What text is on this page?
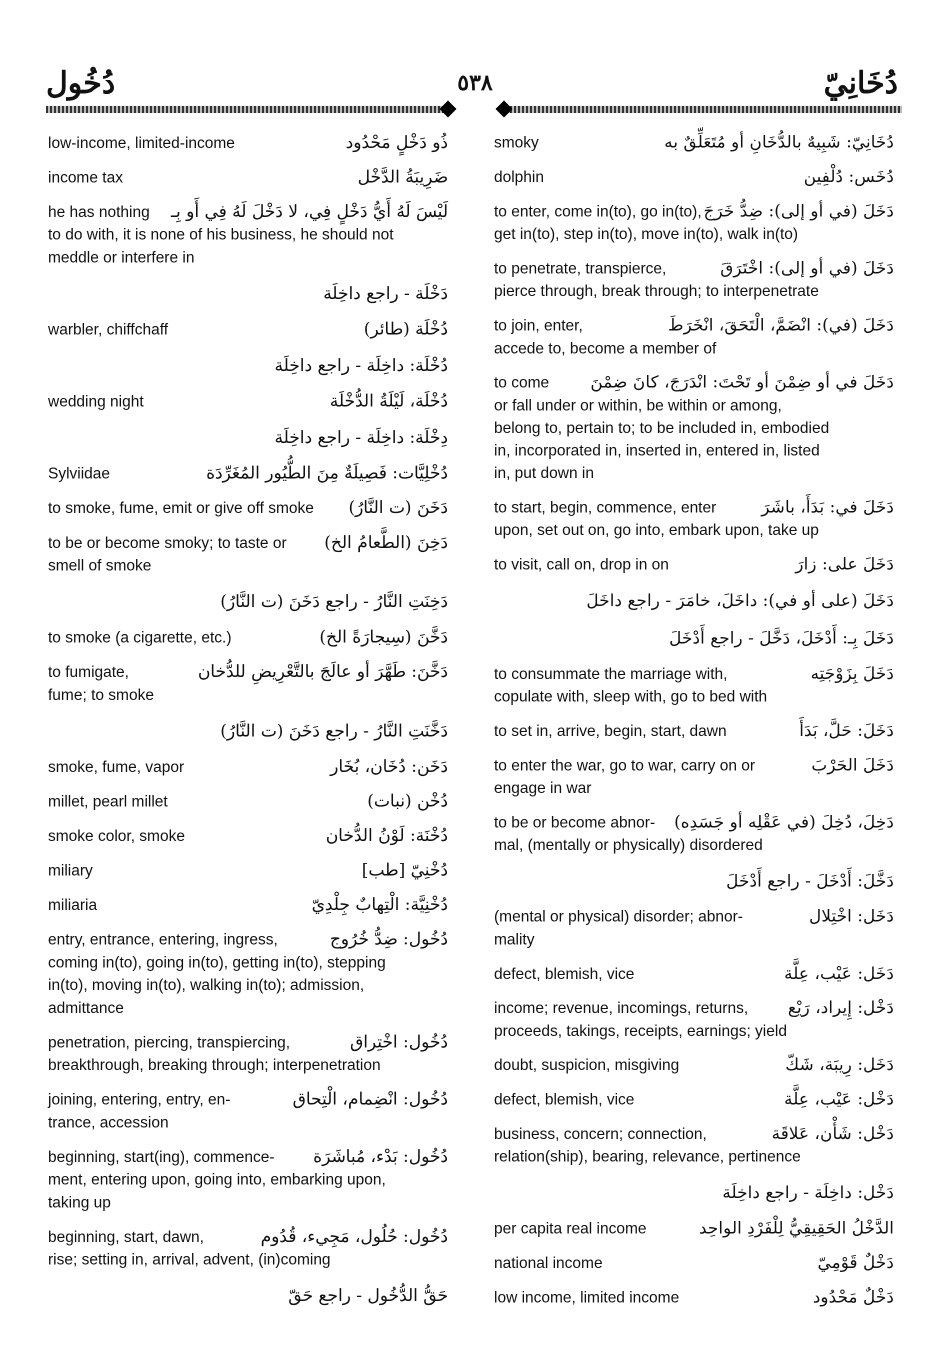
دُخُول	٥٣٨	دُخَانِيّ
ذُو دَخْلٍ مَحْدُود
low-income, limited-income
ضَرِيبَةُ الدَّخْل
income tax
لَيْسَ لَهُ أَيُّ دَخْلٍ فِي، لا دَخْلَ لَهُ فِي أَو بِـ
he has nothing
to do with, it is none of his business, he should not
meddle or interfere in
دَخْلَة - راجع داخِلَة
دُخْلَة (طائر)
warbler, chiffchaff
دُخْلَة: داخِلَة - راجع داخِلَة
دُخْلَة، لَيْلَةُ الدُّخْلَة
wedding night
دِخْلَة: داخِلَة - راجع داخِلَة
دُخْلِيَّات: فَصِيلَةٌ مِنَ الطُّيُور المُغَرِّدَة
Sylviidae
دَخَنَ (ت النَّارُ)
to smoke, fume, emit or give off smoke
دَخِنَ (الطَّعامُ الخ)
to be or become smoky; to taste or
smell of smoke
دَخِنَتِ النَّارُ - راجع دَخَنَ (ت النَّارُ)
دَخَّنَ (سِيجارَةً الخ)
to smoke (a cigarette, etc.)
دَخَّنَ: طَهَّرَ أو عالَجَ بالتَّعْرِيضِ للدُّخان
to fumigate,
fume; to smoke
دَخَّنَتِ النَّارُ - راجع دَخَنَ (ت النَّارُ)
دَخَن: دُخَان، بُخَار
smoke, fume, vapor
دُخْن (نبات)
millet, pearl millet
دُخْنَة: لَوْنُ الدُّخان
smoke color, smoke
دُخْنِيّ [طب]
miliary
دُخْنِيَّة: الْتِهابٌ جِلْدِيّ
miliaria
دُخُول: ضِدُّ خُرُوج
entry, entrance, entering, ingress,
coming in(to), going in(to), getting in(to), stepping
in(to), moving in(to), walking in(to); admission,
admittance
دُخُول: اخْتِراق
penetration, piercing, transpiercing,
breakthrough, breaking through; interpenetration
دُخُول: انْضِمام، الْتِحاق
joining, entering, entry, en-
trance, accession
دُخُول: بَدْء، مُباشَرَة
beginning, start(ing), commence-
ment, entering upon, going into, embarking upon,
taking up
دُخُول: حُلُول، مَجِيء، قُدُوم
beginning, start, dawn,
rise; setting in, arrival, advent, (in)coming
حَقُّ الدُّخُول - راجع حَقّ
دُخَانِيّ: شَبِيهٌ بالدُّخَانِ أو مُتَعَلِّقٌ به
smoky
دُخَس: دُلْفِين
dolphin
دَخَلَ (في أو إلى): ضِدُّ خَرَجَ
to enter, come in(to), go in(to),
get in(to), step in(to), move in(to), walk in(to)
دَخَلَ (في أو إلى): اخْتَرَقَ
to penetrate, transpierce,
pierce through, break through; to interpenetrate
دَخَلَ (في): انْضَمَّ، الْتَحَقَ، انْخَرَطَ
to join, enter,
accede to, become a member of
دَخَلَ في أو ضِمْنَ أو تَحْتَ: انْدَرَجَ، كانَ ضِمْنَ
to come
or fall under or within, be within or among,
belong to, pertain to; to be included in, embodied
in, incorporated in, inserted in, entered in, listed
in, put down in
دَخَلَ في: بَدَأَ، باشَرَ
to start, begin, commence, enter
upon, set out on, go into, embark upon, take up
دَخَلَ على: زارَ
to visit, call on, drop in on
دَخَلَ (على أو في): داخَلَ، خامَرَ - راجع داخَلَ
دَخَلَ بِـ: أَدْخَلَ، دَخَّلَ - راجع أَدْخَلَ
دَخَلَ بِزَوْجَتِه
to consummate the marriage with,
copulate with, sleep with, go to bed with
دَخَلَ: حَلَّ، بَدَأَ
to set in, arrive, begin, start, dawn
دَخَلَ الحَرْبَ
to enter the war, go to war, carry on or
engage in war
دَخِلَ، دُخِلَ (في عَقْلِه أو جَسَدِه)
to be or become abnor-
mal, (mentally or physically) disordered
دَخَّلَ: أَدْخَلَ - راجع أَدْخَلَ
دَخَل: اخْتِلال
(mental or physical) disorder; abnor-
mality
دَخَل: عَيْب، عِلَّة
defect, blemish, vice
دَخْل: إِيراد، رَيْع
income; revenue, incomings, returns,
proceeds, takings, receipts, earnings; yield
دَخَل: رِيبَة، شَكّ
doubt, suspicion, misgiving
دَخْل: عَيْب، عِلَّة
defect, blemish, vice
دَخْل: شَأْن، عَلاقَة
business, concern; connection,
relation(ship), bearing, relevance, pertinence
دَخْل: داخِلَة - راجع داخِلَة
الدَّخْلُ الحَقِيقِيُّ لِلْفَرْدِ الواحِد
per capita real income
دَخْلٌ قَوْمِيّ
national income
دَخْلٌ مَحْدُود
low income, limited income
